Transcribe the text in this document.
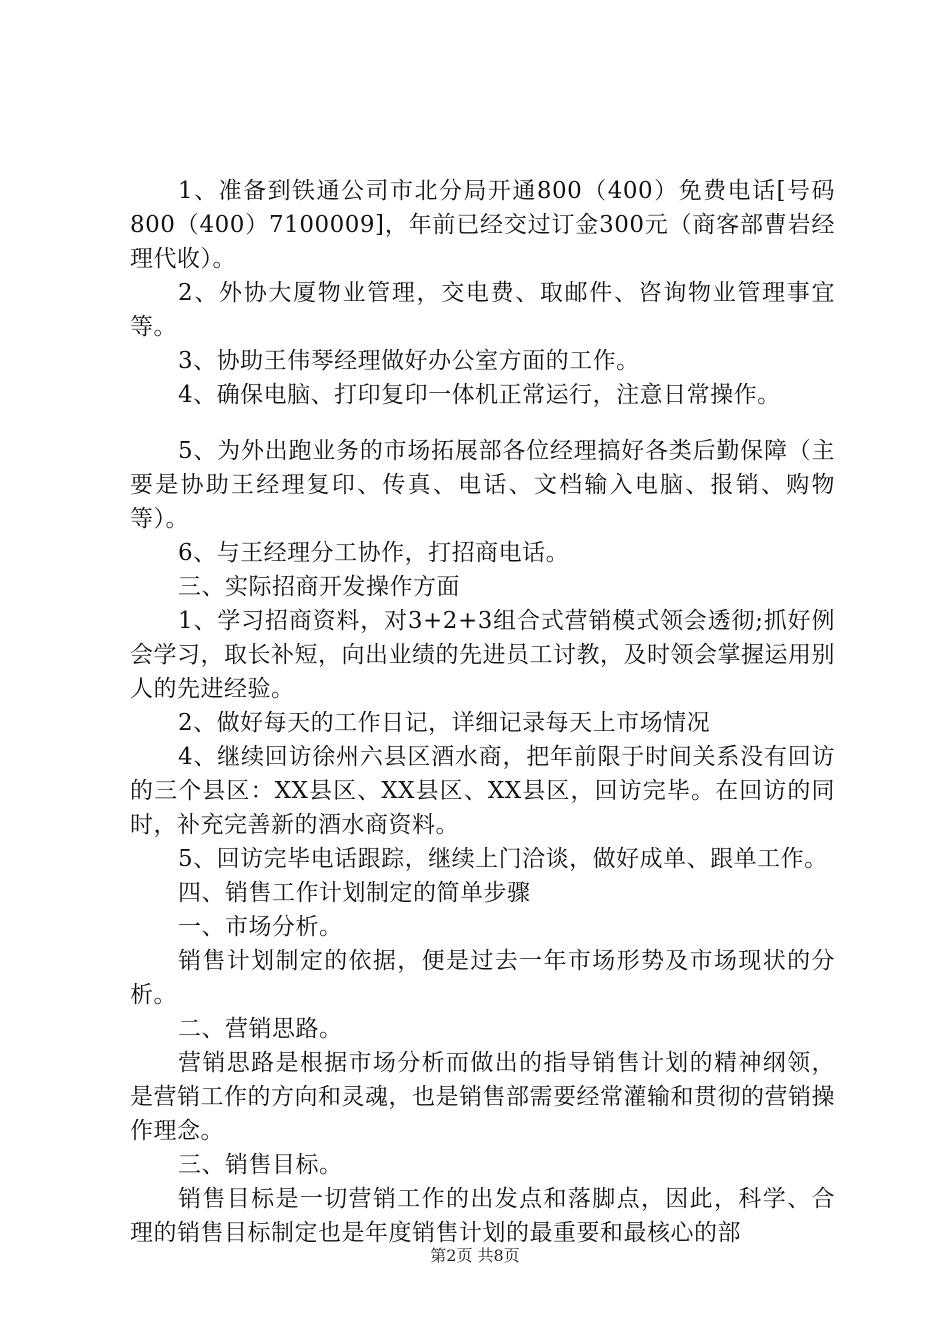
1、准备到铁通公司市北分局开通800（400）免费电话[号码800（400）7100009]，年前已经交过订金300元（商客部曹岩经理代收）。

2、外协大厦物业管理，交电费、取邮件、咨询物业管理事宜等。

3、协助王伟琴经理做好办公室方面的工作。

4、确保电脑、打印复印一体机正常运行，注意日常操作。

5、为外出跑业务的市场拓展部各位经理搞好各类后勤保障（主要是协助王经理复印、传真、电话、文档输入电脑、报销、购物等）。

6、与王经理分工协作，打招商电话。

三、实际招商开发操作方面

1、学习招商资料，对3+2+3组合式营销模式领会透彻;抓好例会学习，取长补短，向出业绩的先进员工讨教，及时领会掌握运用别人的先进经验。

2、做好每天的工作日记，详细记录每天上市场情况

4、继续回访徐州六县区酒水商，把年前限于时间关系没有回访的三个县区：XX县区、XX县区、XX县区，回访完毕。在回访的同时，补充完善新的酒水商资料。

5、回访完毕电话跟踪，继续上门洽谈，做好成单、跟单工作。

四、销售工作计划制定的简单步骤

一、市场分析。

销售计划制定的依据，便是过去一年市场形势及市场现状的分析。

二、营销思路。

营销思路是根据市场分析而做出的指导销售计划的精神纲领，是营销工作的方向和灵魂，也是销售部需要经常灌输和贯彻的营销操作理念。

三、销售目标。

销售目标是一切营销工作的出发点和落脚点，因此，科学、合理的销售目标制定也是年度销售计划的最重要和最核心的部

第2页 共8页
